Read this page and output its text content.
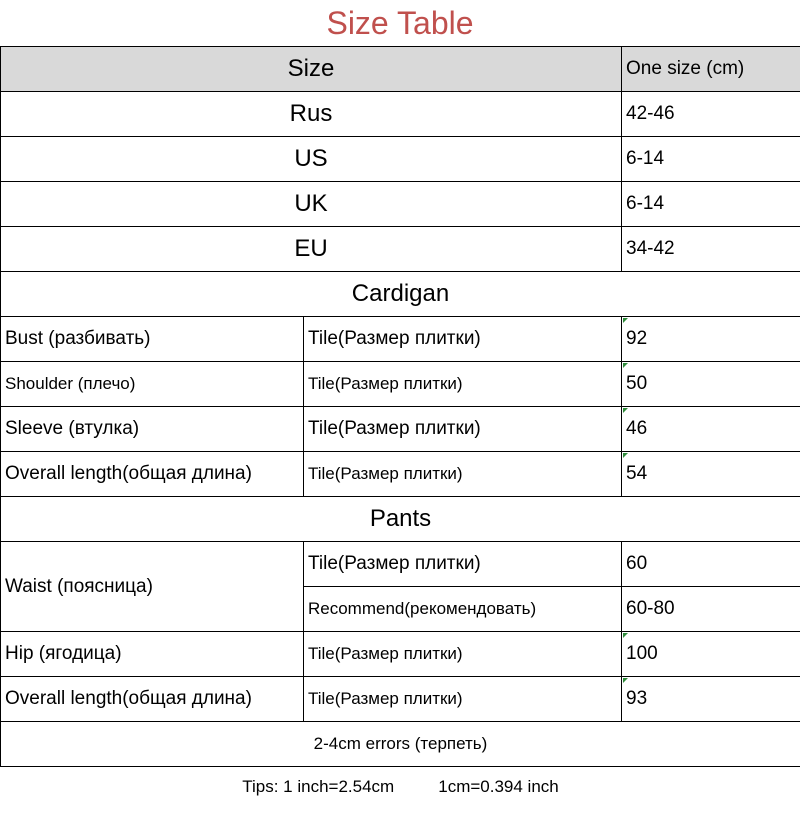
Size Table
Size		One size (cm)
Rus		42-46
US		6-14
UK		6-14
EU		34-42
Cardigan		
Bust (разбивать)	Tile(Размер плитки)	92
Shoulder (плечо)	Tile(Размер плитки)	50
Sleeve (втулка)	Tile(Размер плитки)	46
Overall length(общая длина)	Tile(Размер плитки)	54
Pants		
Waist (поясница)	Tile(Размер плитки)	60
	Recommend(рекомендовать)	60-80
Hip (ягодица)	Tile(Размер плитки)	100
Overall length(общая длина)	Tile(Размер плитки)	93
2-4cm errors (терпеть)		
Tips: 1 inch=2.54cm 1cm=0.394 inch		
